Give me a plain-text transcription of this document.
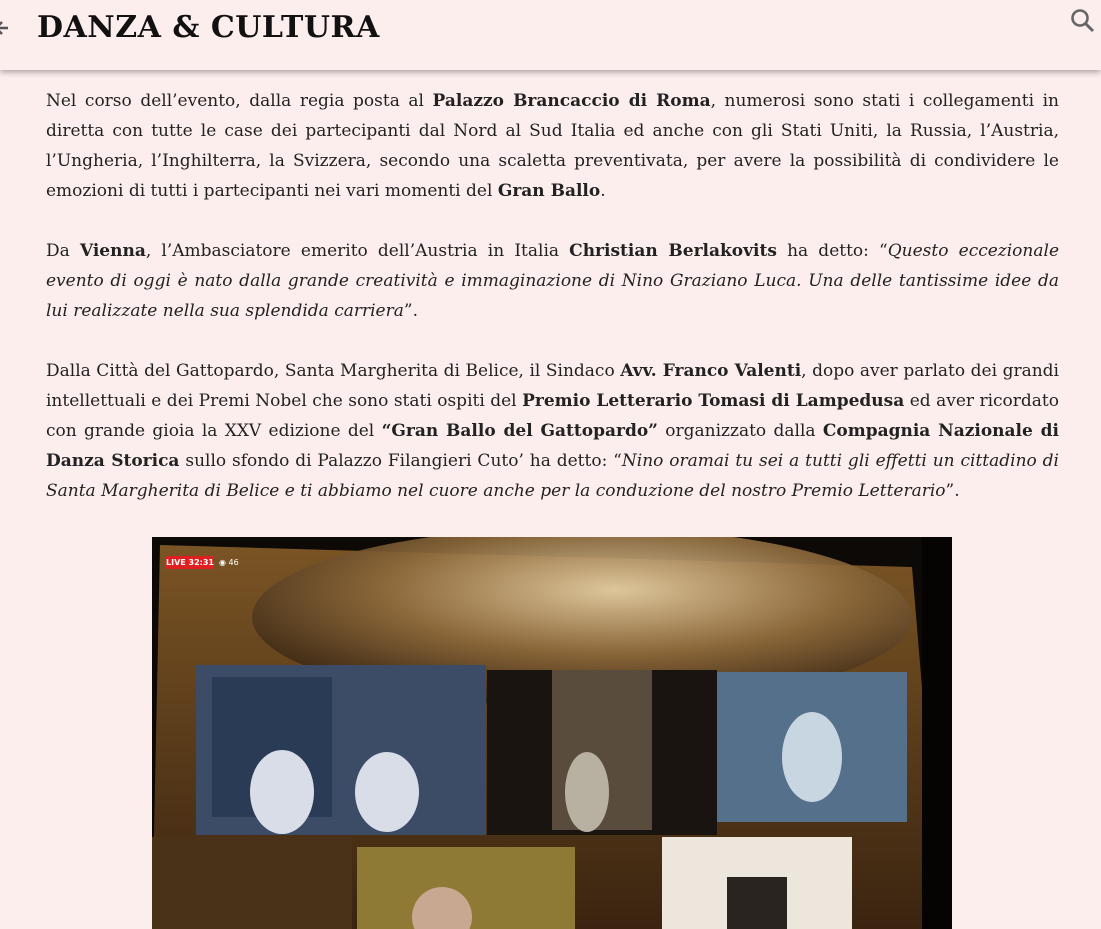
DANZA & CULTURA

Nel corso dell’evento, dalla regia posta al Palazzo Brancaccio di Roma, numerosi sono stati i collegamenti in diretta con tutte le case dei partecipanti dal Nord al Sud Italia ed anche con gli Stati Uniti, la Russia, l’Austria, l’Ungheria, l’Inghilterra, la Svizzera, secondo una scaletta preventivata, per avere la possibilità di condividere le emozioni di tutti i partecipanti nei vari momenti del Gran Ballo.

Da Vienna, l’Ambasciatore emerito dell’Austria in Italia Christian Berlakovits ha detto: “Questo eccezionale evento di oggi è nato dalla grande creatività e immaginazione di Nino Graziano Luca. Una delle tantissime idee da lui realizzate nella sua splendida carriera”.

Dalla Città del Gattopardo, Santa Margherita di Belice, il Sindaco Avv. Franco Valenti, dopo aver parlato dei grandi intellettuali e dei Premi Nobel che sono stati ospiti del Premio Letterario Tomasi di Lampedusa ed aver ricordato con grande gioia la XXV edizione del “Gran Ballo del Gattopardo” organizzato dalla Compagnia Nazionale di Danza Storica sullo sfondo di Palazzo Filangieri Cuto’ ha detto: “Nino oramai tu sei a tutti gli effetti un cittadino di Santa Margherita di Belice e ti abbiamo nel cuore anche per la conduzione del nostro Premio Letterario”.

LIVE 32:31 ◉ 46
